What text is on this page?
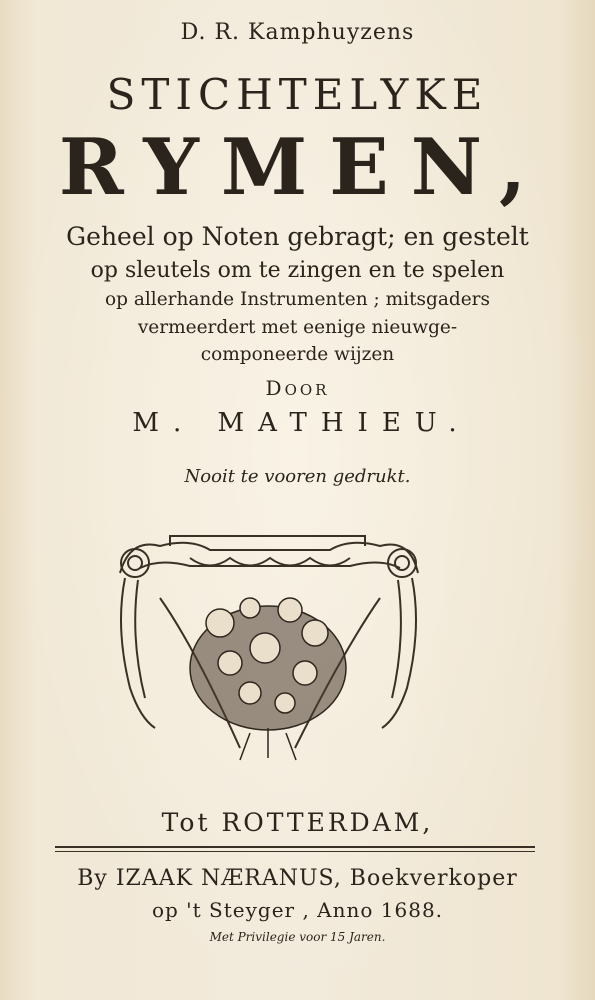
D. R. Kamphuyzens
STICHTELYKE
RYMEN,
Geheel op Noten gebragt; en gestelt
op sleutels om te zingen en te spelen
op allerhande Instrumenten ; mitsgaders
vermeerdert met eenige nieuwge-
componeerde wijzen
DOOR
M. MATHIEU.
Nooit te vooren gedrukt.
Tot ROTTERDAM,
By IZAAK NÆRANUS, Boekverkoper
op 't Steyger , Anno 1688.
Met Privilegie voor 15 Jaren.
